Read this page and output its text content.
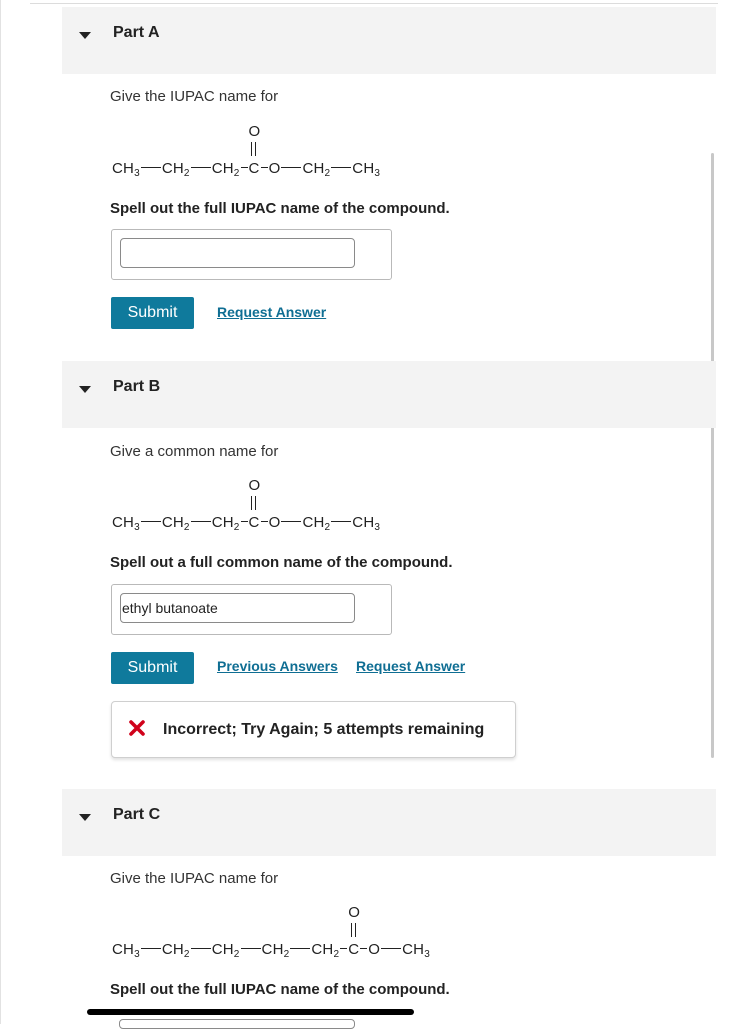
Part A
Give the IUPAC name for
$CH_3$ $CH_2$ $CH_2$
O
C O $CH_2$ $CH_3$
Spell out the full IUPAC name of the compound.
Submit	Request Answer
Part B
Give a common name for
$CH_3$ $CH_2$ $CH_2$
O
C O $CH_2$ $CH_3$
Spell out a full common name of the compound.
ethyl butanoate
Submit	Previous Answers Request Answer
Incorrect; Try Again; 5 attempts remaining
Part C
Give the IUPAC name for
$CH_3$ $CH_2$ $CH_2$ $CH_2$ $CH_2$
O
C O $CH_3$
Spell out the full IUPAC name of the compound.
